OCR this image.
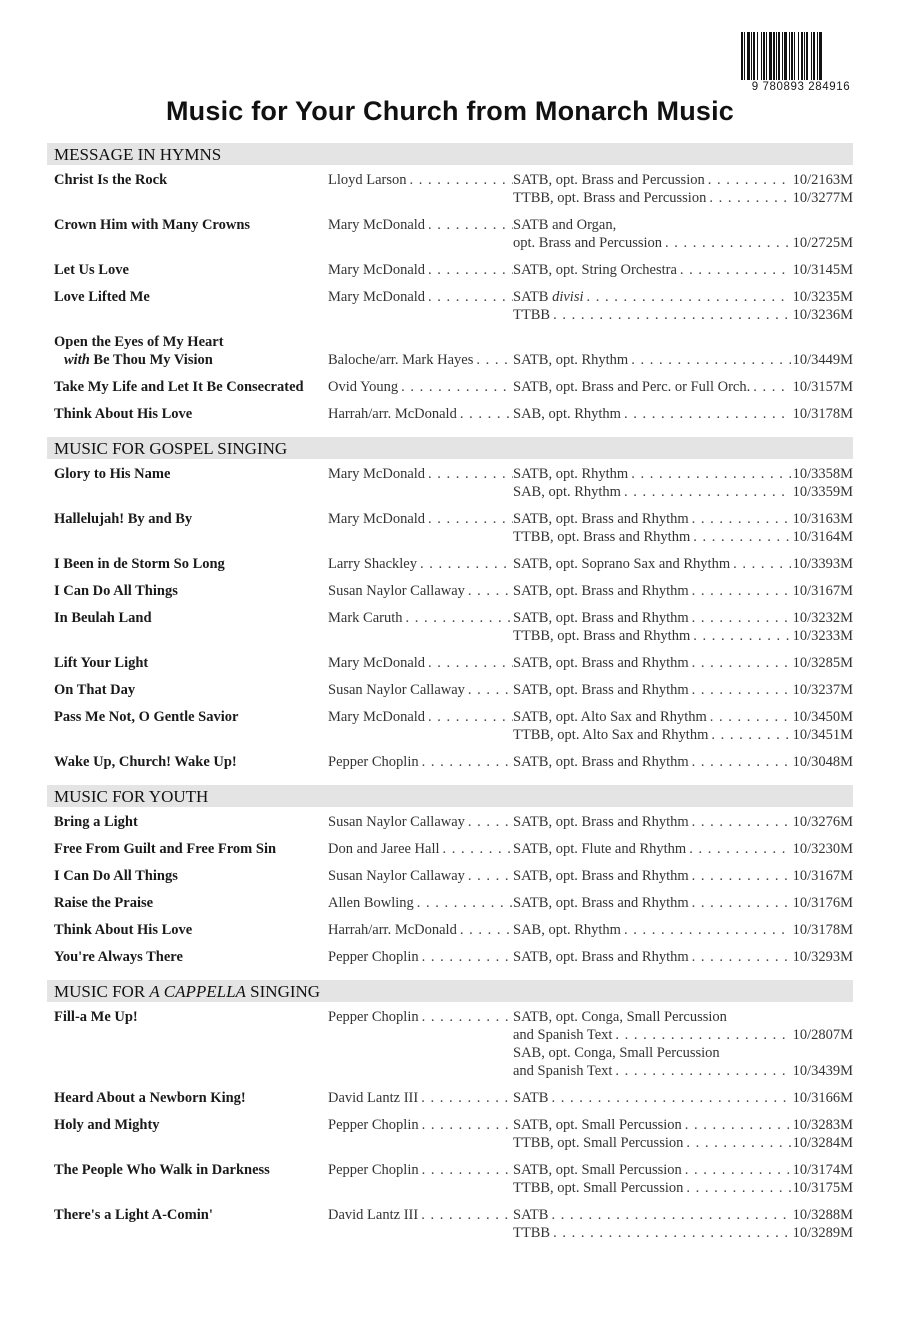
9 780893 284916
Music for Your Church from Monarch Music
MESSAGE IN HYMNS
Christ Is the Rock	Lloyd Larson . . .	SATB, opt. Brass and Percussion . . .	10/2163M
TTBB, opt. Brass and Percussion . . .	10/3277M
Crown Him with Many Crowns	Mary McDonald . . .	SATB and Organ,
opt. Brass and Percussion . . .	10/2725M
Let Us Love	Mary McDonald . . .	SATB, opt. String Orchestra . . .	10/3145M
Love Lifted Me	Mary McDonald . . .	SATB divisi . . .	10/3235M
TTBB . . .	10/3236M
Open the Eyes of My Heart
with Be Thou My Vision	Baloche/arr. Mark Hayes . . .	SATB, opt. Rhythm . . .	10/3449M
Take My Life and Let It Be Consecrated	Ovid Young . . .	SATB, opt. Brass and Perc. or Full Orch. . . .	10/3157M
Think About His Love	Harrah/arr. McDonald . . .	SAB, opt. Rhythm . . .	10/3178M
MUSIC FOR GOSPEL SINGING
Glory to His Name	Mary McDonald . . .	SATB, opt. Rhythm . . .	10/3358M
SAB, opt. Rhythm . . .	10/3359M
Hallelujah! By and By	Mary McDonald . . .	SATB, opt. Brass and Rhythm . . .	10/3163M
TTBB, opt. Brass and Rhythm . . .	10/3164M
I Been in de Storm So Long	Larry Shackley . . .	SATB, opt. Soprano Sax and Rhythm . . .	10/3393M
I Can Do All Things	Susan Naylor Callaway . . .	SATB, opt. Brass and Rhythm . . .	10/3167M
In Beulah Land	Mark Caruth . . .	SATB, opt. Brass and Rhythm . . .	10/3232M
TTBB, opt. Brass and Rhythm . . .	10/3233M
Lift Your Light	Mary McDonald . . .	SATB, opt. Brass and Rhythm . . .	10/3285M
On That Day	Susan Naylor Callaway . . .	SATB, opt. Brass and Rhythm . . .	10/3237M
Pass Me Not, O Gentle Savior	Mary McDonald . . .	SATB, opt. Alto Sax and Rhythm . . .	10/3450M
TTBB, opt. Alto Sax and Rhythm . . .	10/3451M
Wake Up, Church! Wake Up!	Pepper Choplin . . .	SATB, opt. Brass and Rhythm . . .	10/3048M
MUSIC FOR YOUTH
Bring a Light	Susan Naylor Callaway . . .	SATB, opt. Brass and Rhythm . . .	10/3276M
Free From Guilt and Free From Sin	Don and Jaree Hall . . .	SATB, opt. Flute and Rhythm . . .	10/3230M
I Can Do All Things	Susan Naylor Callaway . . .	SATB, opt. Brass and Rhythm . . .	10/3167M
Raise the Praise	Allen Bowling . . .	SATB, opt. Brass and Rhythm . . .	10/3176M
Think About His Love	Harrah/arr. McDonald . . .	SAB, opt. Rhythm . . .	10/3178M
You're Always There	Pepper Choplin . . .	SATB, opt. Brass and Rhythm . . .	10/3293M
MUSIC FOR A CAPPELLA SINGING
Fill-a Me Up!	Pepper Choplin . . .	SATB, opt. Conga, Small Percussion
and Spanish Text . . .	10/2807M
SAB, opt. Conga, Small Percussion
and Spanish Text . . .	10/3439M
Heard About a Newborn King!	David Lantz III . . .	SATB . . .	10/3166M
Holy and Mighty	Pepper Choplin . . .	SATB, opt. Small Percussion . . .	10/3283M
TTBB, opt. Small Percussion . . .	10/3284M
The People Who Walk in Darkness	Pepper Choplin . . .	SATB, opt. Small Percussion . . .	10/3174M
TTBB, opt. Small Percussion . . .	10/3175M
There's a Light A-Comin'	David Lantz III . . .	SATB . . .	10/3288M
TTBB . . .	10/3289M
